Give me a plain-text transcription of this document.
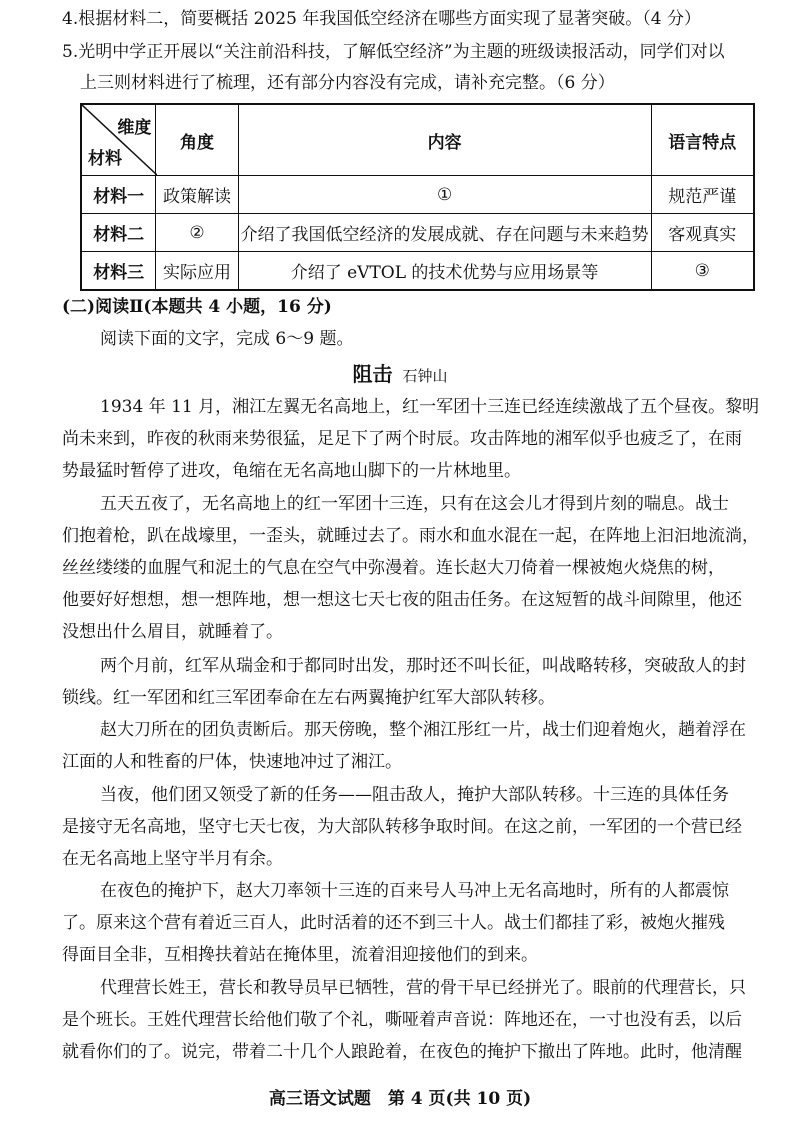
4.根据材料二，简要概括 2025 年我国低空经济在哪些方面实现了显著突破。（4 分）
5.光明中学正开展以“关注前沿科技，了解低空经济”为主题的班级读报活动，同学们对以
上三则材料进行了梳理，还有部分内容没有完成，请补充完整。（6 分）
维度
材料	角度	内容	语言特点
材料一	政策解读	①	规范严谨
材料二	②	介绍了我国低空经济的发展成就、存在问题与未来趋势	客观真实
材料三	实际应用	介绍了 eVTOL 的技术优势与应用场景等	③
(二)阅读Ⅱ(本题共 4 小题，16 分)
阅读下面的文字，完成 6～9 题。
阻击 石钟山
1934 年 11 月，湘江左翼无名高地上，红一军团十三连已经连续激战了五个昼夜。黎明
尚未来到，昨夜的秋雨来势很猛，足足下了两个时辰。攻击阵地的湘军似乎也疲乏了，在雨
势最猛时暂停了进攻，龟缩在无名高地山脚下的一片林地里。
五天五夜了，无名高地上的红一军团十三连，只有在这会儿才得到片刻的喘息。战士
们抱着枪，趴在战壕里，一歪头，就睡过去了。雨水和血水混在一起，在阵地上汩汩地流淌，
丝丝缕缕的血腥气和泥土的气息在空气中弥漫着。连长赵大刀倚着一棵被炮火烧焦的树，
他要好好想想，想一想阵地，想一想这七天七夜的阻击任务。在这短暂的战斗间隙里，他还
没想出什么眉目，就睡着了。
两个月前，红军从瑞金和于都同时出发，那时还不叫长征，叫战略转移，突破敌人的封
锁线。红一军团和红三军团奉命在左右两翼掩护红军大部队转移。
赵大刀所在的团负责断后。那天傍晚，整个湘江彤红一片，战士们迎着炮火，趟着浮在
江面的人和牲畜的尸体，快速地冲过了湘江。
当夜，他们团又领受了新的任务——阻击敌人，掩护大部队转移。十三连的具体任务
是接守无名高地，坚守七天七夜，为大部队转移争取时间。在这之前，一军团的一个营已经
在无名高地上坚守半月有余。
在夜色的掩护下，赵大刀率领十三连的百来号人马冲上无名高地时，所有的人都震惊
了。原来这个营有着近三百人，此时活着的还不到三十人。战士们都挂了彩，被炮火摧残
得面目全非，互相搀扶着站在掩体里，流着泪迎接他们的到来。
代理营长姓王，营长和教导员早已牺牲，营的骨干早已经拼光了。眼前的代理营长，只
是个班长。王姓代理营长给他们敬了个礼，嘶哑着声音说：阵地还在，一寸也没有丢，以后
就看你们的了。说完，带着二十几个人踉跄着，在夜色的掩护下撤出了阵地。此时，他清醒
高三语文试题　第 4 页(共 10 页)
